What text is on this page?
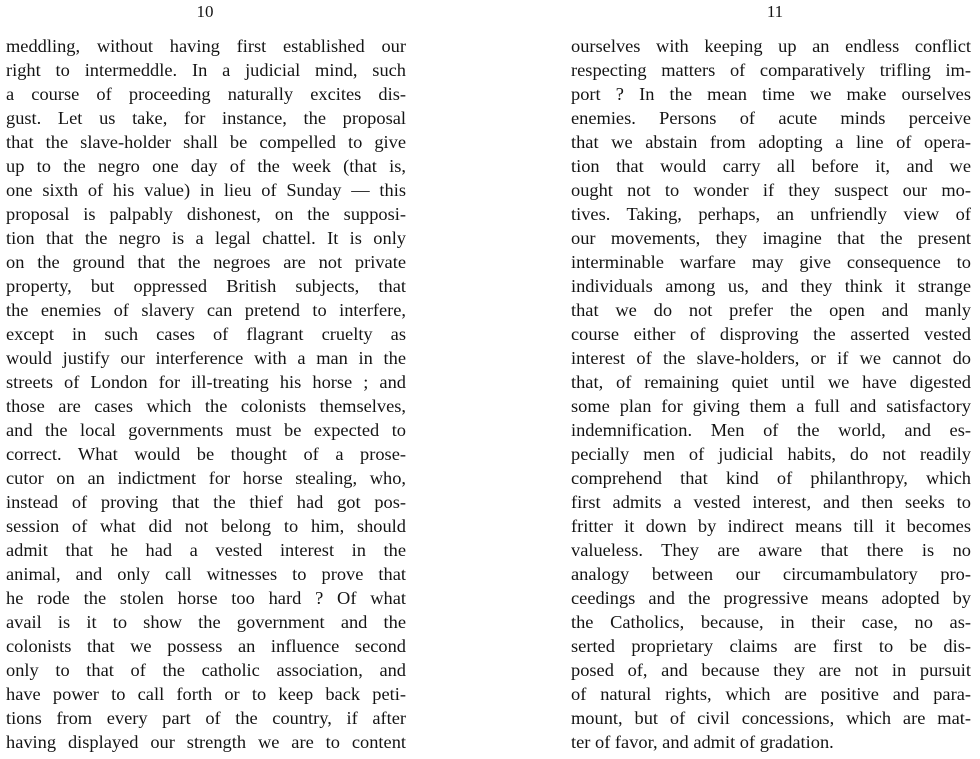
10
meddling, without having first established our
right to intermeddle. In a judicial mind, such
a course of proceeding naturally excites dis-
gust. Let us take, for instance, the proposal
that the slave-holder shall be compelled to give
up to the negro one day of the week (that is,
one sixth of his value) in lieu of Sunday — this
proposal is palpably dishonest, on the supposi-
tion that the negro is a legal chattel. It is only
on the ground that the negroes are not private
property, but oppressed British subjects, that
the enemies of slavery can pretend to interfere,
except in such cases of flagrant cruelty as
would justify our interference with a man in the
streets of London for ill-treating his horse ; and
those are cases which the colonists themselves,
and the local governments must be expected to
correct. What would be thought of a prose-
cutor on an indictment for horse stealing, who,
instead of proving that the thief had got pos-
session of what did not belong to him, should
admit that he had a vested interest in the
animal, and only call witnesses to prove that
he rode the stolen horse too hard ? Of what
avail is it to show the government and the
colonists that we possess an influence second
only to that of the catholic association, and
have power to call forth or to keep back peti-
tions from every part of the country, if after
having displayed our strength we are to content
11
ourselves with keeping up an endless conflict
respecting matters of comparatively trifling im-
port ? In the mean time we make ourselves
enemies. Persons of acute minds perceive
that we abstain from adopting a line of opera-
tion that would carry all before it, and we
ought not to wonder if they suspect our mo-
tives. Taking, perhaps, an unfriendly view of
our movements, they imagine that the present
interminable warfare may give consequence to
individuals among us, and they think it strange
that we do not prefer the open and manly
course either of disproving the asserted vested
interest of the slave-holders, or if we cannot do
that, of remaining quiet until we have digested
some plan for giving them a full and satisfactory
indemnification. Men of the world, and es-
pecially men of judicial habits, do not readily
comprehend that kind of philanthropy, which
first admits a vested interest, and then seeks to
fritter it down by indirect means till it becomes
valueless. They are aware that there is no
analogy between our circumambulatory pro-
ceedings and the progressive means adopted by
the Catholics, because, in their case, no as-
serted proprietary claims are first to be dis-
posed of, and because they are not in pursuit
of natural rights, which are positive and para-
mount, but of civil concessions, which are mat-
ter of favor, and admit of gradation.
